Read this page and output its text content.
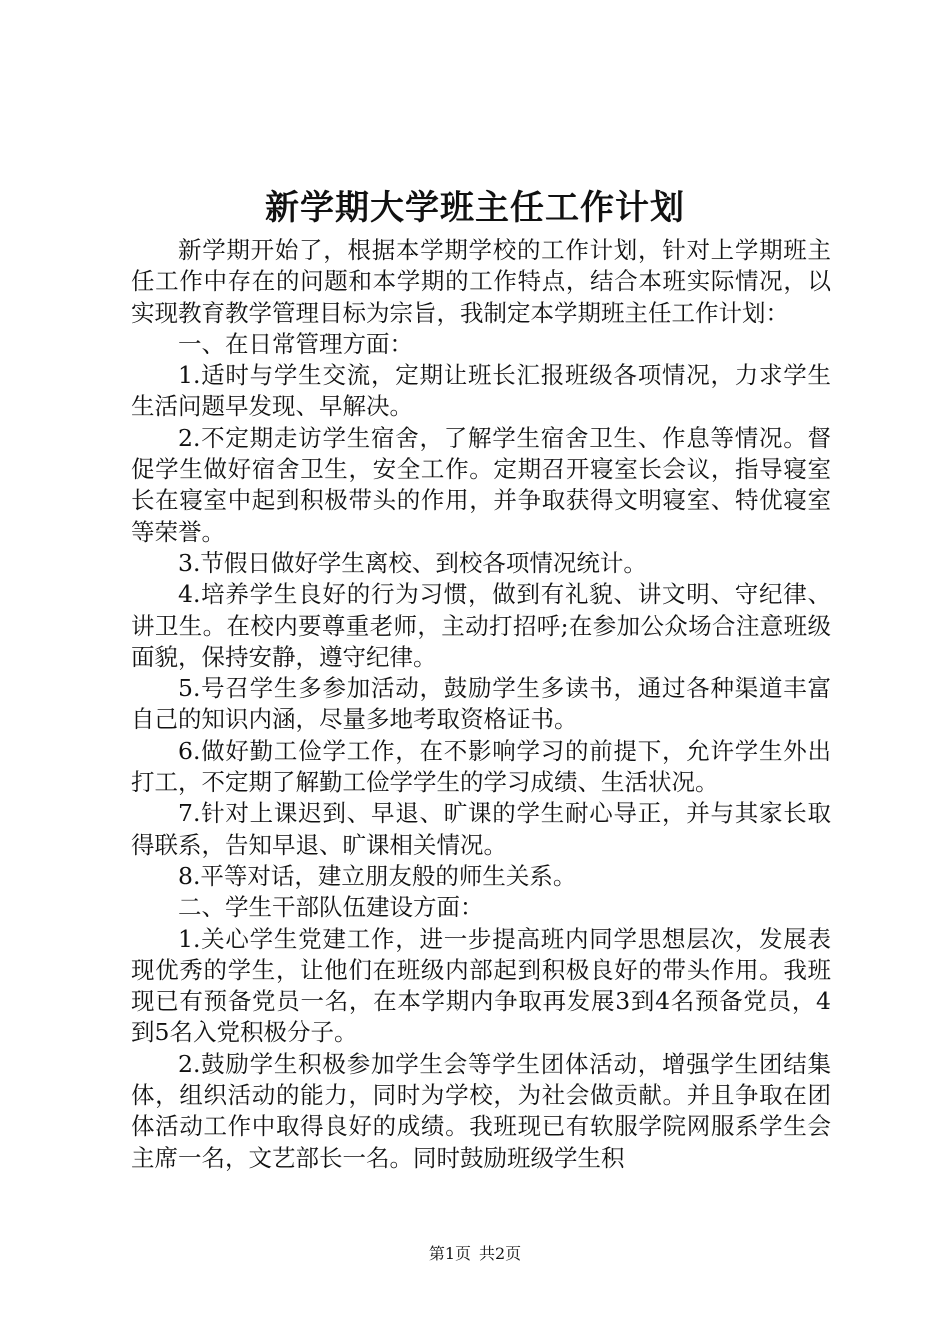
新学期大学班主任工作计划

新学期开始了，根据本学期学校的工作计划，针对上学期班主任工作中存在的问题和本学期的工作特点，结合本班实际情况，以实现教育教学管理目标为宗旨，我制定本学期班主任工作计划：

一、在日常管理方面：

1.适时与学生交流，定期让班长汇报班级各项情况，力求学生生活问题早发现、早解决。

2.不定期走访学生宿舍，了解学生宿舍卫生、作息等情况。督促学生做好宿舍卫生，安全工作。定期召开寝室长会议，指导寝室长在寝室中起到积极带头的作用，并争取获得文明寝室、特优寝室等荣誉。

3.节假日做好学生离校、到校各项情况统计。

4.培养学生良好的行为习惯，做到有礼貌、讲文明、守纪律、讲卫生。在校内要尊重老师，主动打招呼;在参加公众场合注意班级面貌，保持安静，遵守纪律。

5.号召学生多参加活动，鼓励学生多读书，通过各种渠道丰富自己的知识内涵，尽量多地考取资格证书。

6.做好勤工俭学工作，在不影响学习的前提下，允许学生外出打工，不定期了解勤工俭学学生的学习成绩、生活状况。

7.针对上课迟到、早退、旷课的学生耐心导正，并与其家长取得联系，告知早退、旷课相关情况。

8.平等对话，建立朋友般的师生关系。

二、学生干部队伍建设方面：

1.关心学生党建工作，进一步提高班内同学思想层次，发展表现优秀的学生，让他们在班级内部起到积极良好的带头作用。我班现已有预备党员一名，在本学期内争取再发展3到4名预备党员，4到5名入党积极分子。

2.鼓励学生积极参加学生会等学生团体活动，增强学生团结集体，组织活动的能力，同时为学校，为社会做贡献。并且争取在团体活动工作中取得良好的成绩。我班现已有软服学院网服系学生会主席一名，文艺部长一名。同时鼓励班级学生积

第1页 共2页
